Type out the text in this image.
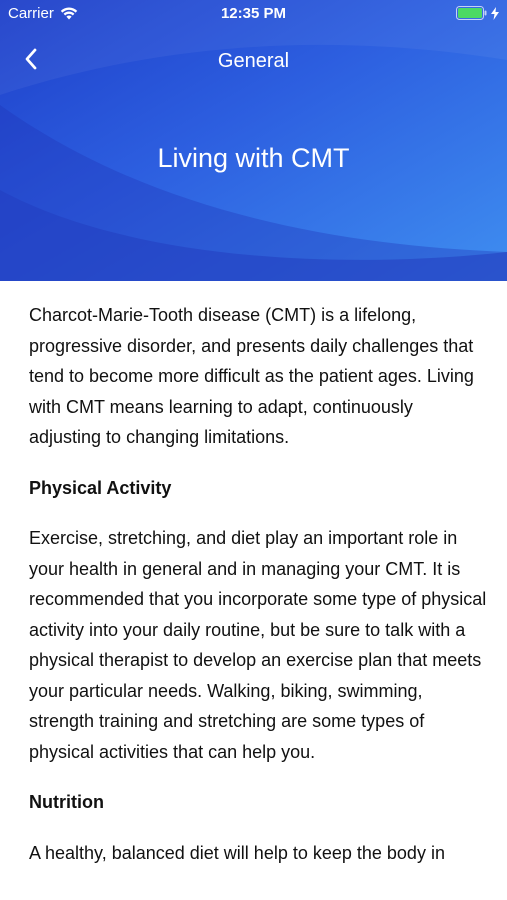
Carrier	12:35 PM
General
Living with CMT

Charcot-Marie-Tooth disease (CMT) is a lifelong, progressive disorder, and presents daily challenges that tend to become more difficult as the patient ages. Living with CMT means learning to adapt, continuously adjusting to changing limitations.

Physical Activity

Exercise, stretching, and diet play an important role in your health in general and in managing your CMT. It is recommended that you incorporate some type of physical activity into your daily routine, but be sure to talk with a physical therapist to develop an exercise plan that meets your particular needs. Walking, biking, swimming, strength training and stretching are some types of physical activities that can help you.

Nutrition

A healthy, balanced diet will help to keep the body in
